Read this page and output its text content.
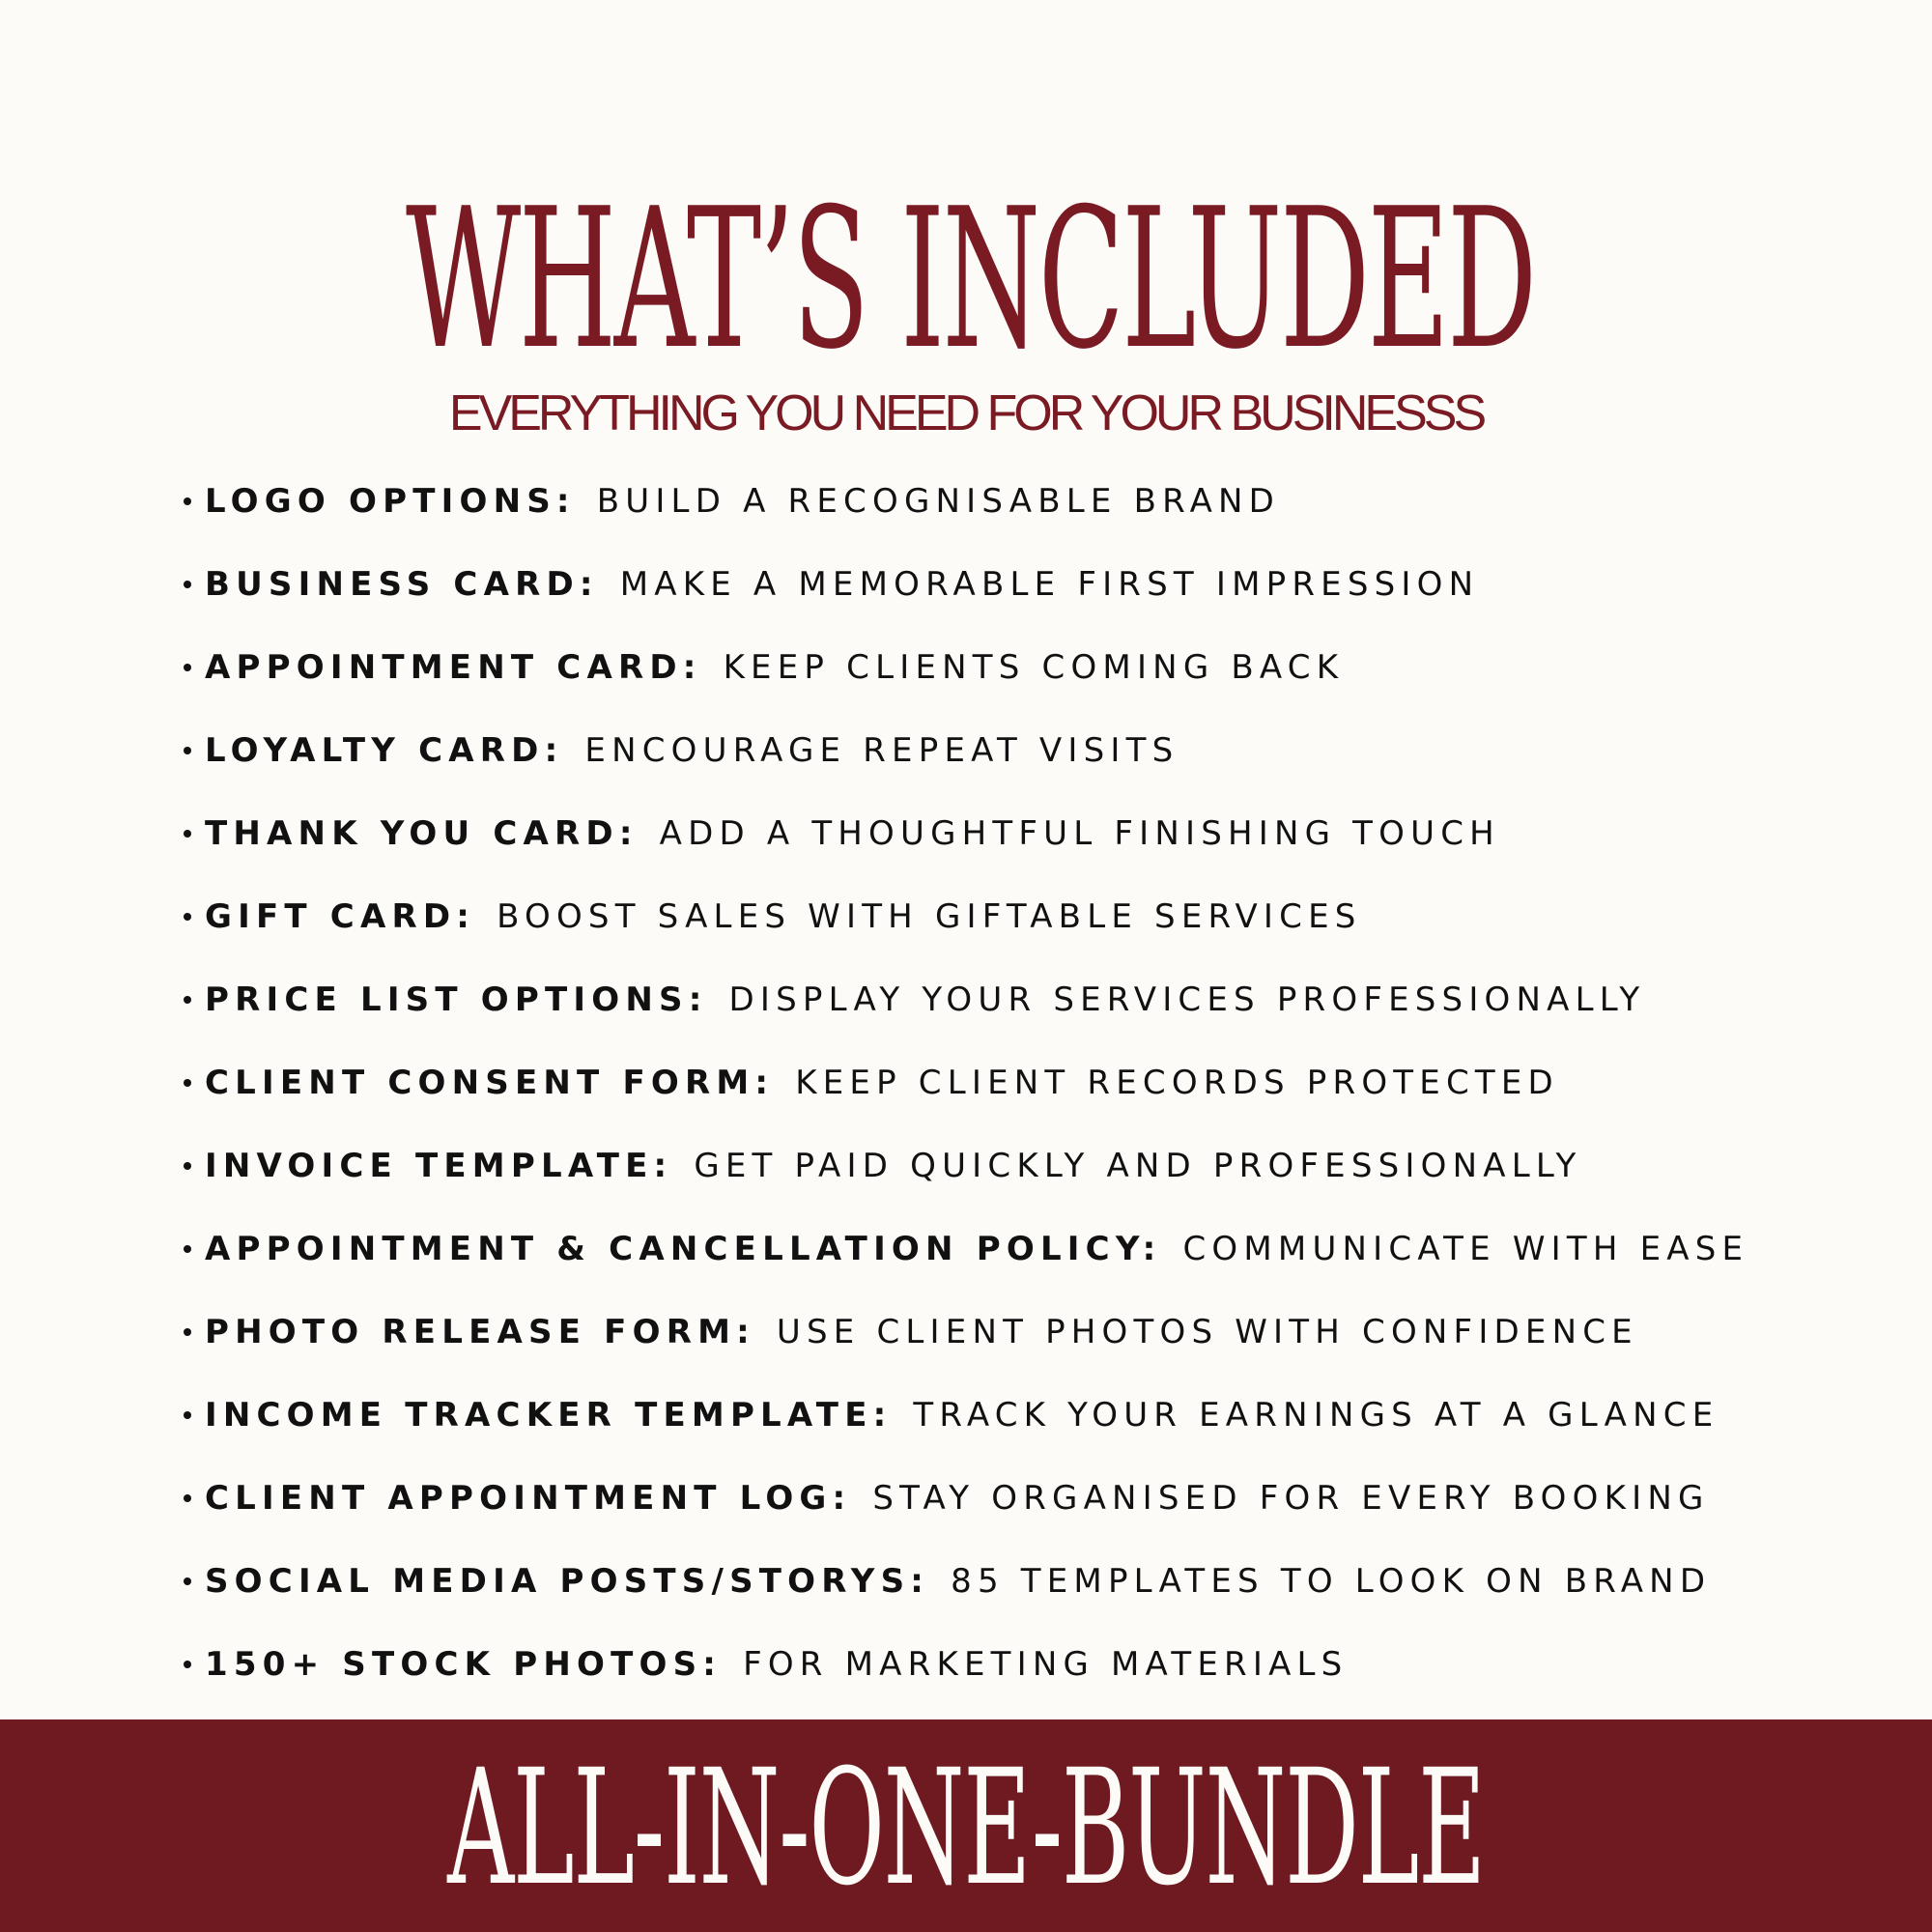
WHAT’S INCLUDED
EVERYTHING YOU NEED FOR YOUR BUSINESSS
LOGO OPTIONS: BUILD A RECOGNISABLE BRAND
BUSINESS CARD: MAKE A MEMORABLE FIRST IMPRESSION
APPOINTMENT CARD: KEEP CLIENTS COMING BACK
LOYALTY CARD: ENCOURAGE REPEAT VISITS
THANK YOU CARD: ADD A THOUGHTFUL FINISHING TOUCH
GIFT CARD: BOOST SALES WITH GIFTABLE SERVICES
PRICE LIST OPTIONS: DISPLAY YOUR SERVICES PROFESSIONALLY
CLIENT CONSENT FORM: KEEP CLIENT RECORDS PROTECTED
INVOICE TEMPLATE: GET PAID QUICKLY AND PROFESSIONALLY
APPOINTMENT & CANCELLATION POLICY: COMMUNICATE WITH EASE
PHOTO RELEASE FORM: USE CLIENT PHOTOS WITH CONFIDENCE
INCOME TRACKER TEMPLATE: TRACK YOUR EARNINGS AT A GLANCE
CLIENT APPOINTMENT LOG: STAY ORGANISED FOR EVERY BOOKING
SOCIAL MEDIA POSTS/STORYS: 85 TEMPLATES TO LOOK ON BRAND
150+ STOCK PHOTOS: FOR MARKETING MATERIALS
ALL-IN-ONE-BUNDLE
